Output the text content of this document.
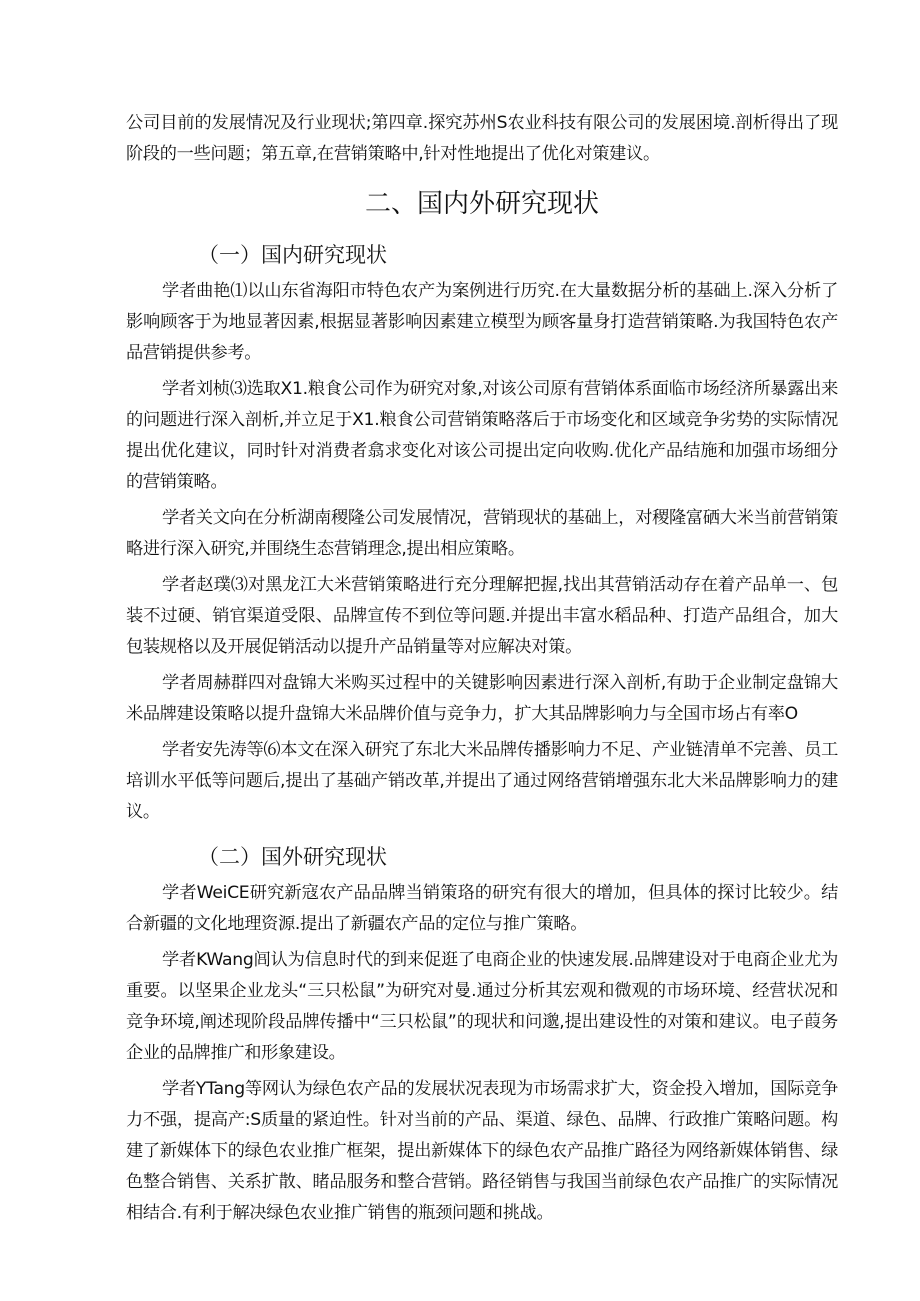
公司目前的发展情况及行业现状;第四章.探究苏州S农业科技有限公司的发展困境.剖析得出了现阶段的一些问题；第五章,在营销策略中,针对性地提出了优化对策建议。

二、国内外研究现状
（一）国内研究现状

学者曲艳⑴以山东省海阳市特色农产为案例进行历究.在大量数据分析的基础上.深入分析了影响顾客于为地显著因素,根据显著影响因素建立模型为顾客量身打造营销策略.为我国特色农产品营销提供参考。

学者刘桢⑶选取X1.粮食公司作为研究对象,对该公司原有营销体系面临市场经济所暴露出来的问题进行深入剖析,并立足于X1.粮食公司营销策略落后于市场变化和区域竞争劣势的实际情况提出优化建议，同时针对消费者翕求变化对该公司提出定向收购.优化产品结施和加强市场细分的营销策略。

学者关文向在分析湖南稷隆公司发展情况，营销现状的基础上，对稷隆富硒大米当前营销策略进行深入研究,并围绕生态营销理念,提出相应策略。

学者赵璞⑶对黑龙江大米营销策略进行充分理解把握,找出其营销活动存在着产品单一、包装不过硬、销官渠道受限、品牌宣传不到位等问题.并提出丰富水稻品种、打造产品组合，加大包装规格以及开展促销活动以提升产品销量等对应解决对策。

学者周赫群四对盘锦大米购买过程中的关键影响因素进行深入剖析,有助于企业制定盘锦大米品牌建设策略以提升盘锦大米品牌价值与竞争力，扩大其品牌影响力与全国市场占有率O

学者安先涛等⑹本文在深入研究了东北大米品牌传播影响力不足、产业链清单不完善、员工培训水平低等问题后,提出了基础产销改革,并提出了通过网络营销增强东北大米品牌影响力的建议。

（二）国外研究现状

学者WeiCE研究新寇农产品品牌当销策珞的研究有很大的增加，但具体的探讨比较少。结合新疆的文化地理资源.提出了新疆农产品的定位与推广策略。

学者KWang闾认为信息时代的到来促逛了电商企业的快速发展.品牌建设对于电商企业尤为重要。以坚果企业龙头“三只松鼠”为研究对曼.通过分析其宏观和微观的市场环境、经营状况和竞争环境,阐述现阶段品牌传播中“三只松鼠”的现状和问邈,提出建设性的对策和建议。电子葭务企业的品牌推广和形象建设。

学者YTang等网认为绿色农产品的发展状况表现为市场需求扩大，资金投入增加，国际竞争力不强，提高产:S质量的紧迫性。针对当前的产品、渠道、绿色、品牌、行政推广策略问题。构建了新媒体下的绿色农业推广框架，提出新媒体下的绿色农产品推广路径为网络新媒体销售、绿色整合销售、关系扩散、睹品服务和整合营销。路径销售与我国当前绿色农产品推广的实际情况相结合.有利于解决绿色农业推广销售的瓶颈问题和挑战。
